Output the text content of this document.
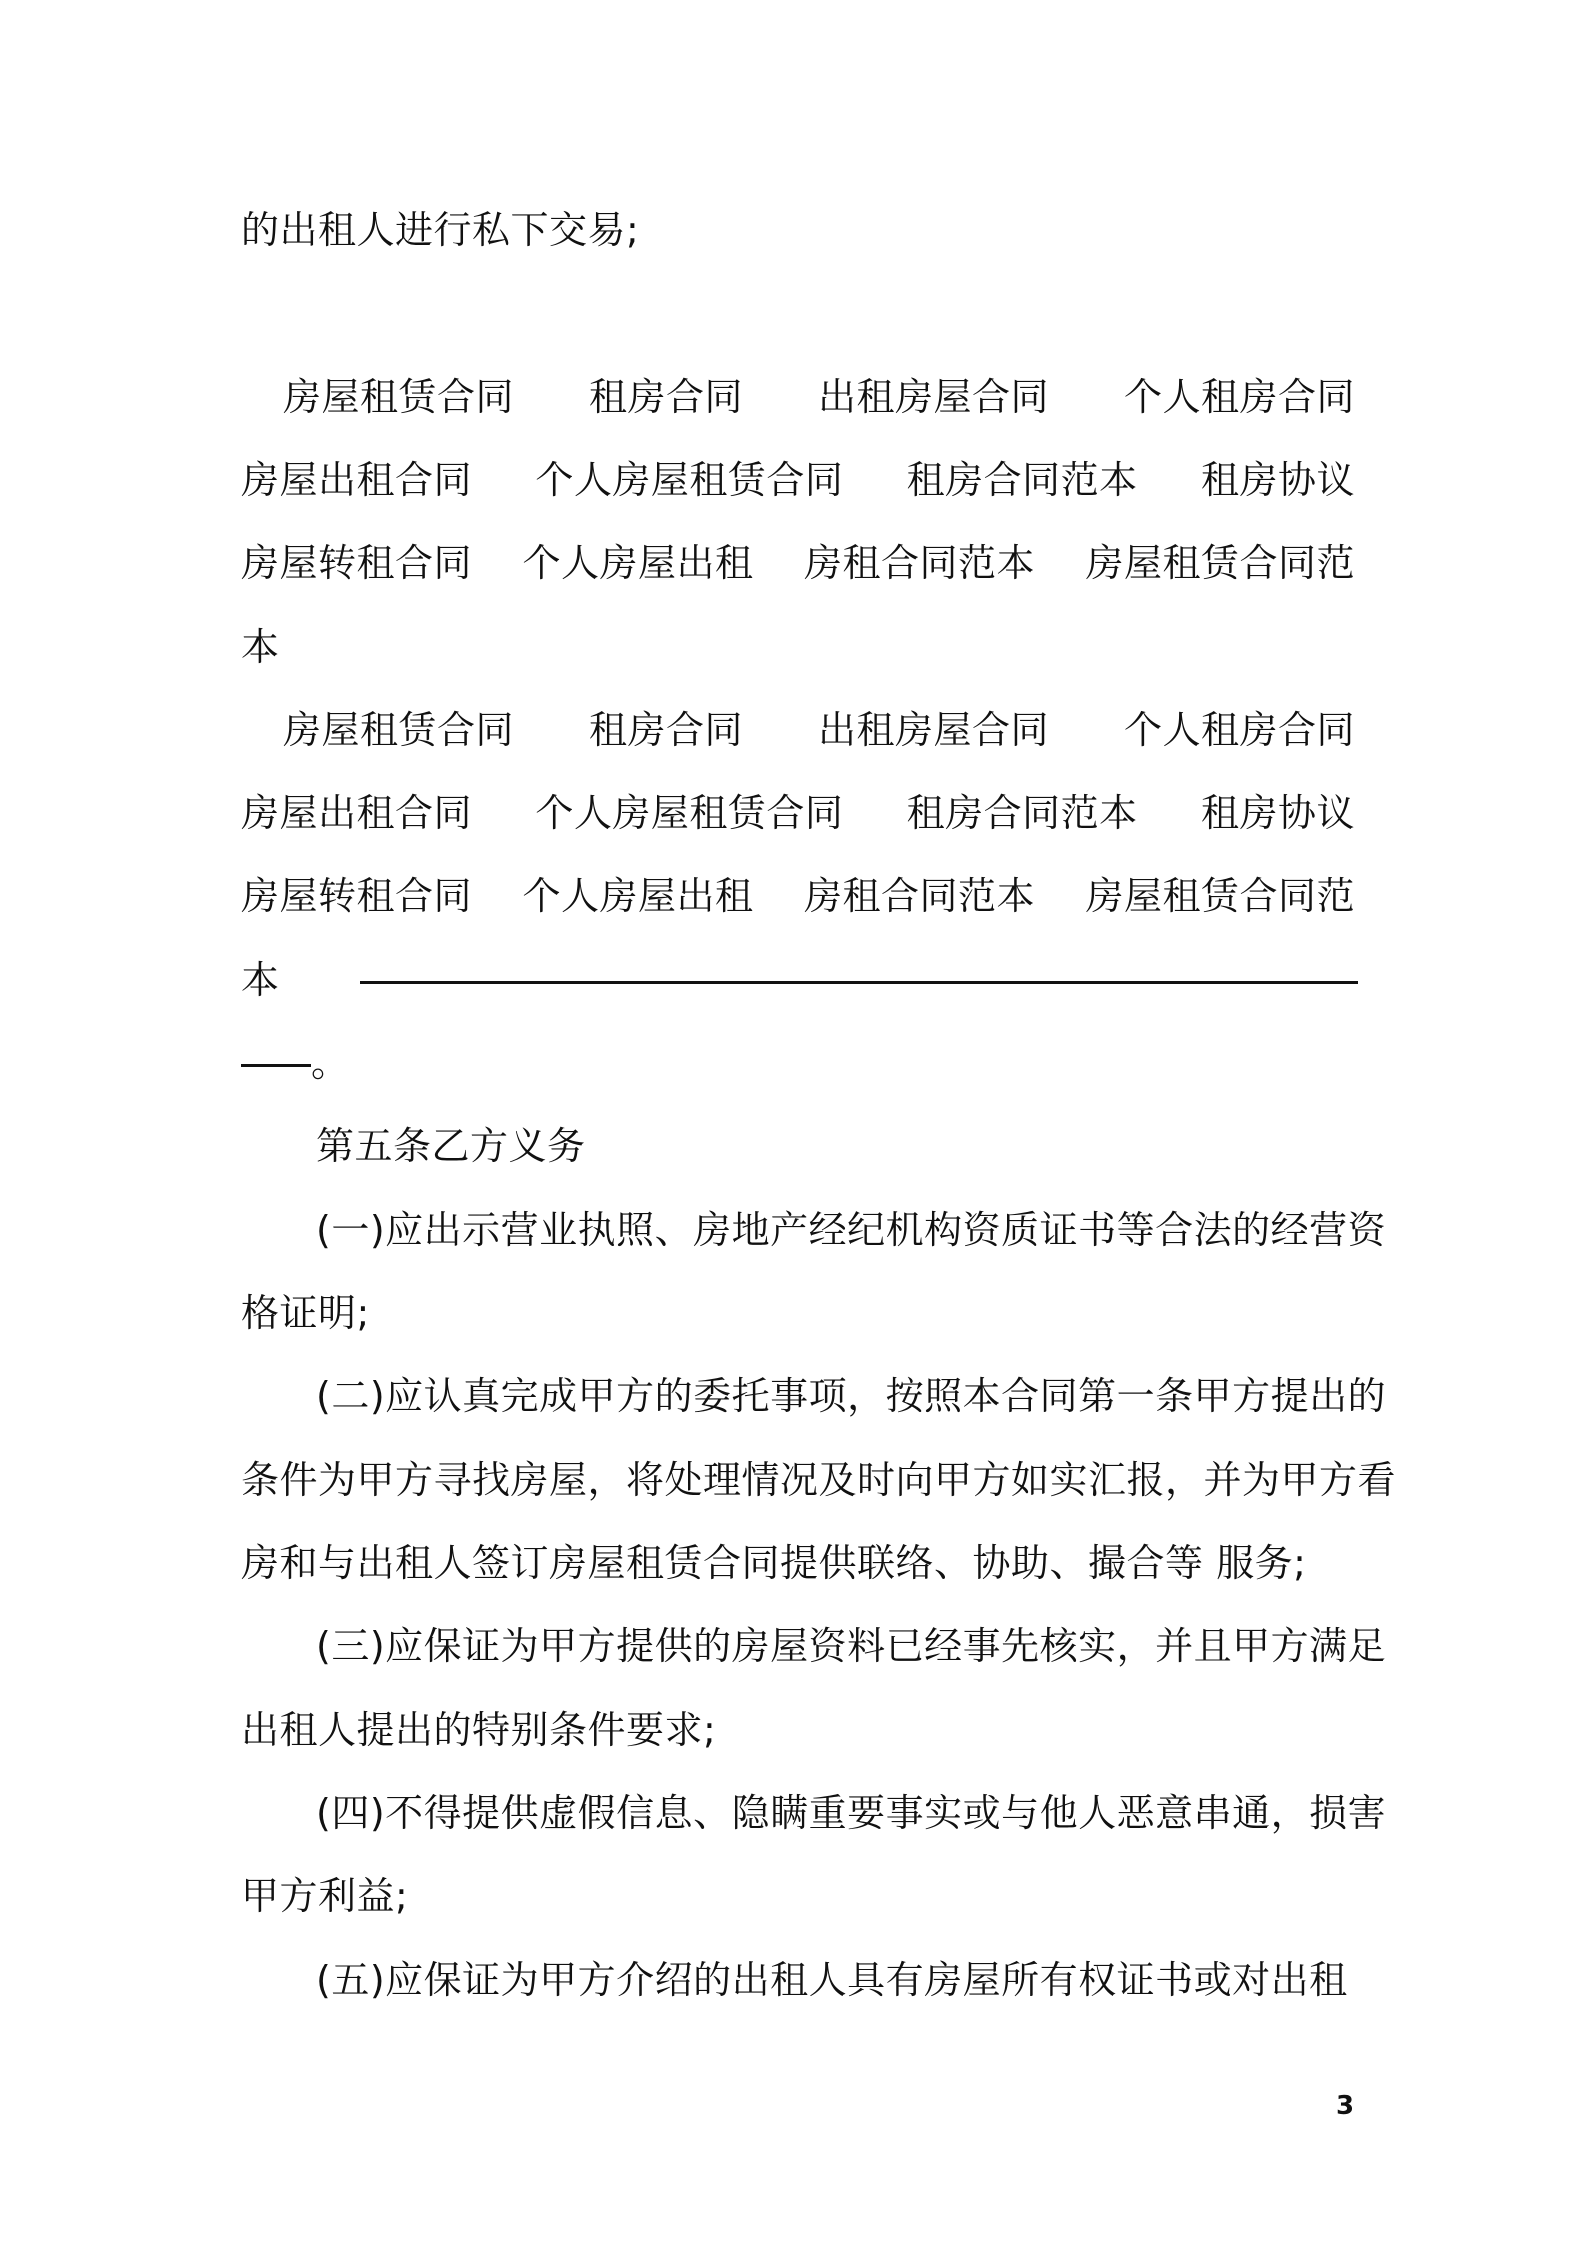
的出租人进行私下交易;
房屋租赁合同 租房合同 出租房屋合同 个人租房合同
房屋出租合同 个人房屋租赁合同 租房合同范本 租房协议
房屋转租合同 个人房屋出租 房租合同范本 房屋租赁合同范
本
房屋租赁合同 租房合同 出租房屋合同 个人租房合同
房屋出租合同 个人房屋租赁合同 租房合同范本 租房协议
房屋转租合同 个人房屋出租 房租合同范本 房屋租赁合同范
本
。
第五条乙方义务
(一)应出示营业执照、房地产经纪机构资质证书等合法的经营资
格证明;
(二)应认真完成甲方的委托事项，按照本合同第一条甲方提出的
条件为甲方寻找房屋，将处理情况及时向甲方如实汇报，并为甲方看
房和与出租人签订房屋租赁合同提供联络、协助、撮合等 服务;
(三)应保证为甲方提供的房屋资料已经事先核实，并且甲方满足
出租人提出的特别条件要求;
(四)不得提供虚假信息、隐瞒重要事实或与他人恶意串通，损害
甲方利益;
(五)应保证为甲方介绍的出租人具有房屋所有权证书或对出租
3
